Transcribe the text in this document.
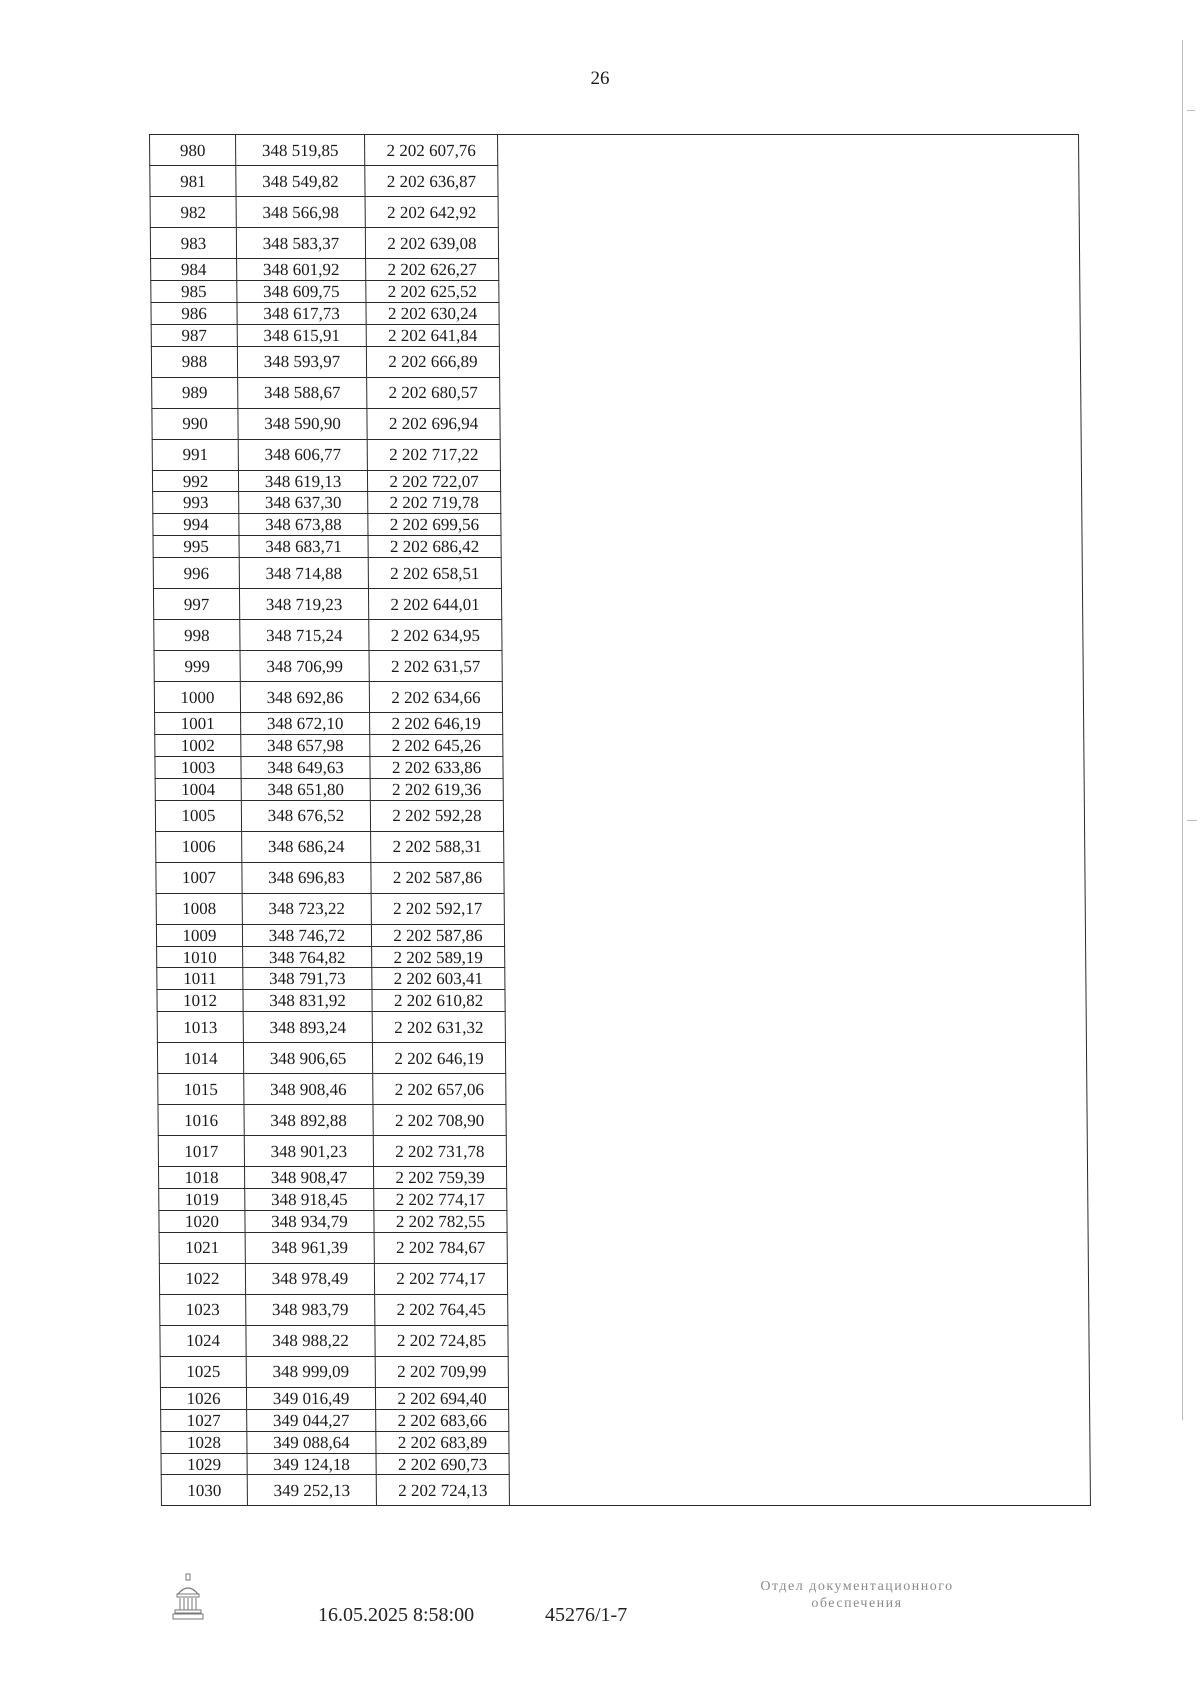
26
980	348 519,85	2 202 607,76	
981	348 549,82	2 202 636,87	
982	348 566,98	2 202 642,92	
983	348 583,37	2 202 639,08	
984	348 601,92	2 202 626,27	
985	348 609,75	2 202 625,52	
986	348 617,73	2 202 630,24	
987	348 615,91	2 202 641,84	
988	348 593,97	2 202 666,89	
989	348 588,67	2 202 680,57	
990	348 590,90	2 202 696,94	
991	348 606,77	2 202 717,22	
992	348 619,13	2 202 722,07	
993	348 637,30	2 202 719,78	
994	348 673,88	2 202 699,56	
995	348 683,71	2 202 686,42	
996	348 714,88	2 202 658,51	
997	348 719,23	2 202 644,01	
998	348 715,24	2 202 634,95	
999	348 706,99	2 202 631,57	
1000	348 692,86	2 202 634,66	
1001	348 672,10	2 202 646,19	
1002	348 657,98	2 202 645,26	
1003	348 649,63	2 202 633,86	
1004	348 651,80	2 202 619,36	
1005	348 676,52	2 202 592,28	
1006	348 686,24	2 202 588,31	
1007	348 696,83	2 202 587,86	
1008	348 723,22	2 202 592,17	
1009	348 746,72	2 202 587,86	
1010	348 764,82	2 202 589,19	
1011	348 791,73	2 202 603,41	
1012	348 831,92	2 202 610,82	
1013	348 893,24	2 202 631,32	
1014	348 906,65	2 202 646,19	
1015	348 908,46	2 202 657,06	
1016	348 892,88	2 202 708,90	
1017	348 901,23	2 202 731,78	
1018	348 908,47	2 202 759,39	
1019	348 918,45	2 202 774,17	
1020	348 934,79	2 202 782,55	
1021	348 961,39	2 202 784,67	
1022	348 978,49	2 202 774,17	
1023	348 983,79	2 202 764,45	
1024	348 988,22	2 202 724,85	
1025	348 999,09	2 202 709,99	
1026	349 016,49	2 202 694,40	
1027	349 044,27	2 202 683,66	
1028	349 088,64	2 202 683,89	
1029	349 124,18	2 202 690,73	
1030	349 252,13	2 202 724,13	
16.05.2025 8:58:00	45276/1-7
Отдел документационного
обеспечения
